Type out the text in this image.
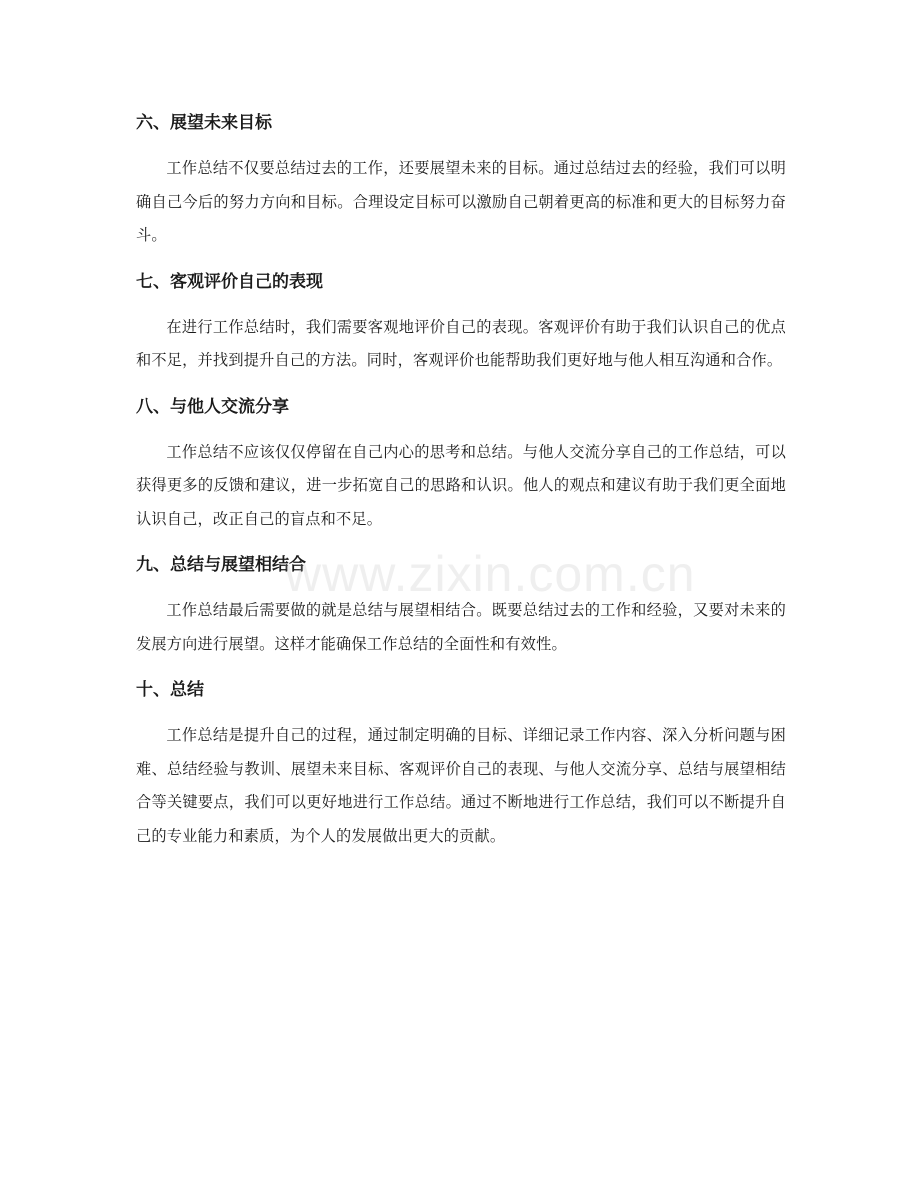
六、展望未来目标

工作总结不仅要总结过去的工作，还要展望未来的目标。通过总结过去的经验，我们可以明确自己今后的努力方向和目标。合理设定目标可以激励自己朝着更高的标准和更大的目标努力奋斗。

七、客观评价自己的表现

在进行工作总结时，我们需要客观地评价自己的表现。客观评价有助于我们认识自己的优点和不足，并找到提升自己的方法。同时，客观评价也能帮助我们更好地与他人相互沟通和合作。

八、与他人交流分享

工作总结不应该仅仅停留在自己内心的思考和总结。与他人交流分享自己的工作总结，可以获得更多的反馈和建议，进一步拓宽自己的思路和认识。他人的观点和建议有助于我们更全面地认识自己，改正自己的盲点和不足。

九、总结与展望相结合

工作总结最后需要做的就是总结与展望相结合。既要总结过去的工作和经验，又要对未来的发展方向进行展望。这样才能确保工作总结的全面性和有效性。

十、总结

工作总结是提升自己的过程，通过制定明确的目标、详细记录工作内容、深入分析问题与困难、总结经验与教训、展望未来目标、客观评价自己的表现、与他人交流分享、总结与展望相结合等关键要点，我们可以更好地进行工作总结。通过不断地进行工作总结，我们可以不断提升自己的专业能力和素质，为个人的发展做出更大的贡献。

www.zixin.com.cn
